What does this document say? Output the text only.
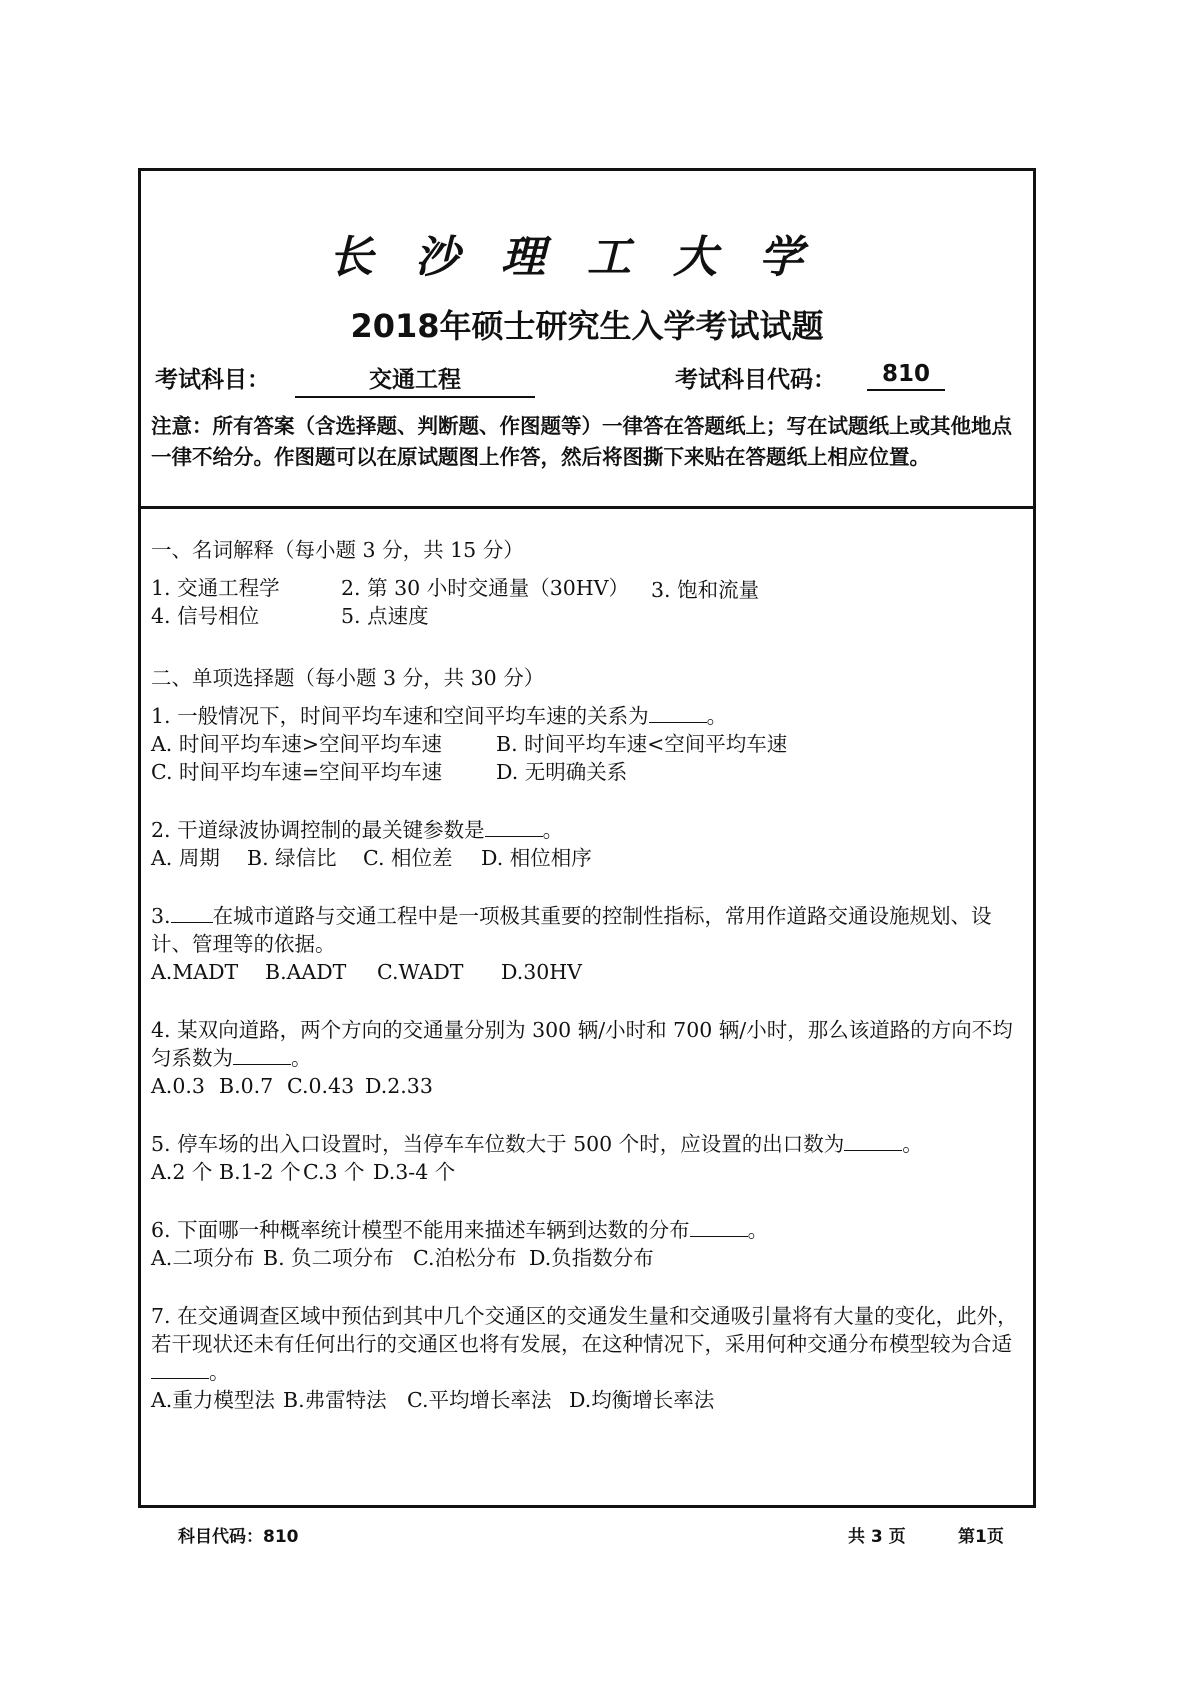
长沙理工大学
2018年硕士研究生入学考试试题
考试科目：	交通工程	考试科目代码：	810
注意：所有答案（含选择题、判断题、作图题等）一律答在答题纸上；写在试题纸上或其他地点一律不给分。作图题可以在原试题图上作答，然后将图撕下来贴在答题纸上相应位置。

一、名词解释（每小题 3 分，共 15 分）

1. 交通工程学	2. 第 30 小时交通量（30HV） 3. 饱和流量
4. 信号相位	5. 点速度

二、单项选择题（每小题 3 分，共 30 分）

1. 一般情况下，时间平均车速和空间平均车速的关系为	。

A. 时间平均车速>空间平均车速	B. 时间平均车速<空间平均车速
C. 时间平均车速=空间平均车速	D. 无明确关系

2. 干道绿波协调控制的最关键参数是	。

A. 周期 B. 绿信比 C. 相位差 D. 相位相序

3. 在城市道路与交通工程中是一项极其重要的控制性指标，常用作道路交通设施规划、设计、管理等的依据。

A.MADT B.AADT C.WADT D.30HV

4. 某双向道路，两个方向的交通量分别为 300 辆/小时和 700 辆/小时，那么该道路的方向不均匀系数为	。

A.0.3 B.0.7 C.0.43 D.2.33

5. 停车场的出入口设置时，当停车车位数大于 500 个时，应设置的出口数为	。

A.2 个 B.1-2 个 C.3 个 D.3-4 个

6. 下面哪一种概率统计模型不能用来描述车辆到达数的分布	。

A.二项分布 B. 负二项分布 C.泊松分布 D.负指数分布

7. 在交通调查区域中预估到其中几个交通区的交通发生量和交通吸引量将有大量的变化，此外，若干现状还未有任何出行的交通区也将有发展，在这种情况下，采用何种交通分布模型较为合适。

A.重力模型法 B.弗雷特法 C.平均增长率法 D.均衡增长率法
科目代码：810	共 3 页	第1页
